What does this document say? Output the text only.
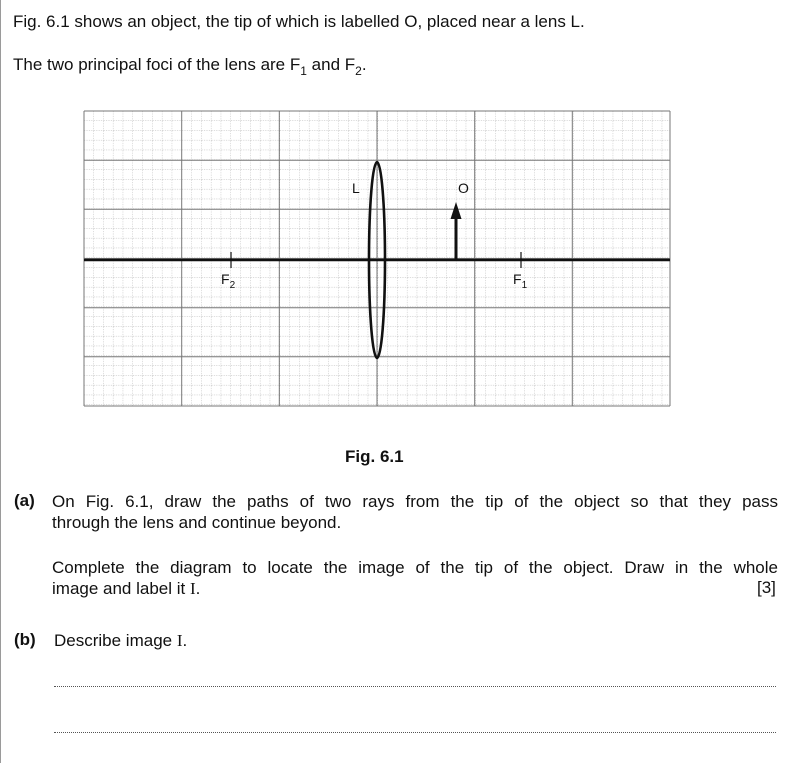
Fig. 6.1 shows an object, the tip of which is labelled O, placed near a lens L.
The two principal foci of the lens are $F_1$ and $F_2$.
L	O
$F_2$	$F_1$
Fig. 6.1
(a) On Fig. 6.1, draw the paths of two rays from the tip of the object so that they pass
through the lens and continue beyond.
Complete the diagram to locate the image of the tip of the object. Draw in the whole
image and label it I.	[3]
(b) Describe image I.
